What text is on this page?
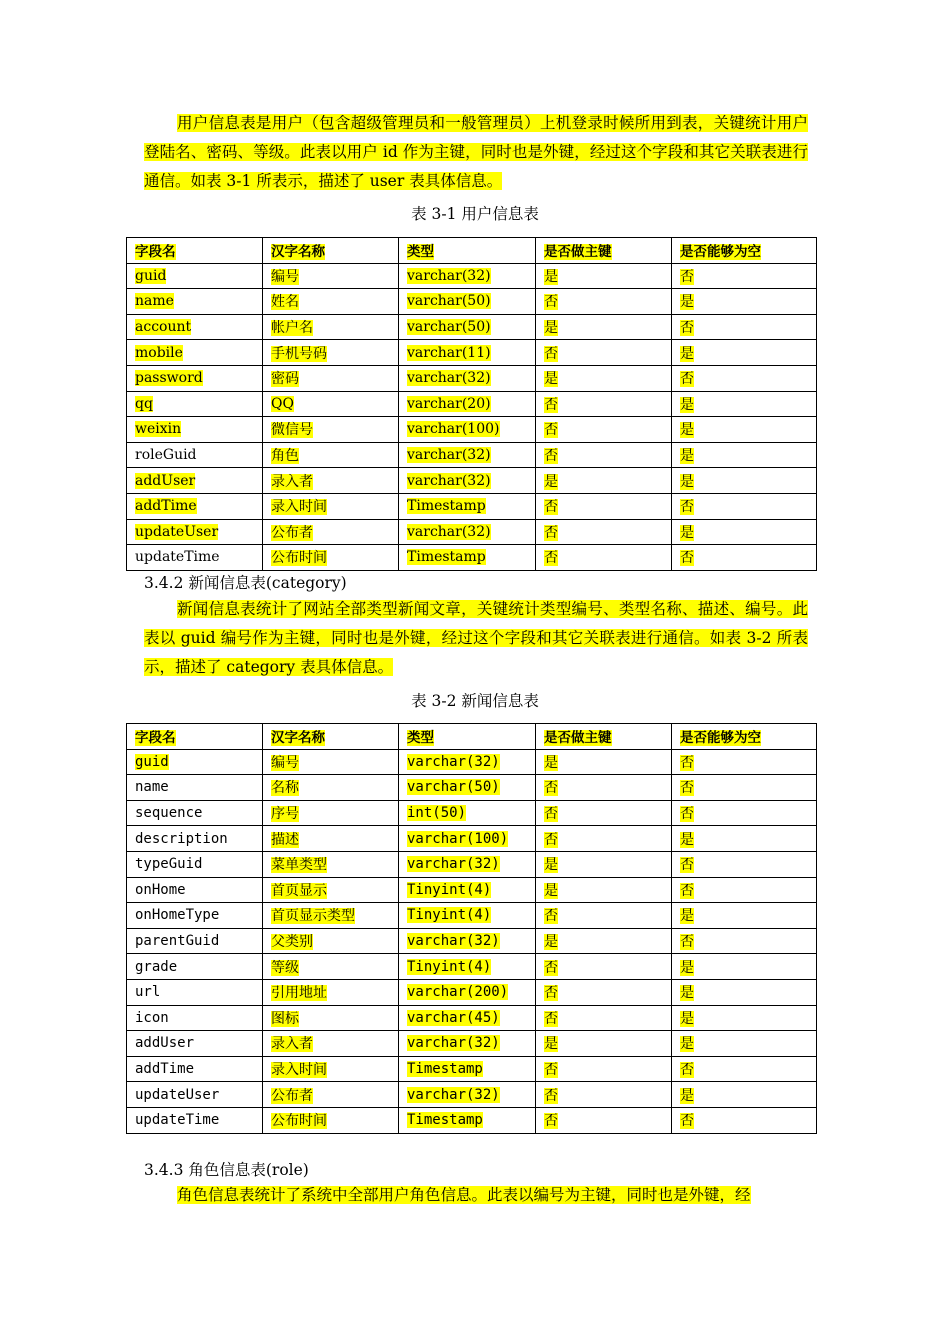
用户信息表是用户（包含超级管理员和一般管理员）上机登录时候所用到表，关键统计用户登陆名、密码、等级。此表以用户 id 作为主键，同时也是外键，经过这个字段和其它关联表进行通信。如表 3-1 所表示，描述了 user 表具体信息。

表 3-1 用户信息表

字段名	汉字名称	类型	是否做主键	是否能够为空
guid	编号	varchar(32)	是	否
name	姓名	varchar(50)	否	是
account	帐户名	varchar(50)	是	否
mobile	手机号码	varchar(11)	否	是
password	密码	varchar(32)	是	否
qq	QQ	varchar(20)	否	是
weixin	微信号	varchar(100)	否	是
roleGuid	角色	varchar(32)	否	是
addUser	录入者	varchar(32)	是	是
addTime	录入时间	Timestamp	否	否
updateUser	公布者	varchar(32)	否	是
updateTime	公布时间	Timestamp	否	否

3.4.2 新闻信息表(category)

新闻信息表统计了网站全部类型新闻文章，关键统计类型编号、类型名称、描述、编号。此表以 guid 编号作为主键，同时也是外键，经过这个字段和其它关联表进行通信。如表 3-2 所表示，描述了 category 表具体信息。

表 3-2 新闻信息表

字段名	汉字名称	类型	是否做主键	是否能够为空
guid	编号	varchar(32)	是	否
name	名称	varchar(50)	否	否
sequence	序号	int(50)	否	否
description	描述	varchar(100)	否	是
typeGuid	菜单类型	varchar(32)	是	否
onHome	首页显示	Tinyint(4)	是	否
onHomeType	首页显示类型	Tinyint(4)	否	是
parentGuid	父类别	varchar(32)	是	否
grade	等级	Tinyint(4)	否	是
url	引用地址	varchar(200)	否	是
icon	图标	varchar(45)	否	是
addUser	录入者	varchar(32)	是	是
addTime	录入时间	Timestamp	否	否
updateUser	公布者	varchar(32)	否	是
updateTime	公布时间	Timestamp	否	否

3.4.3 角色信息表(role)

角色信息表统计了系统中全部用户角色信息。此表以编号为主键，同时也是外键，经
